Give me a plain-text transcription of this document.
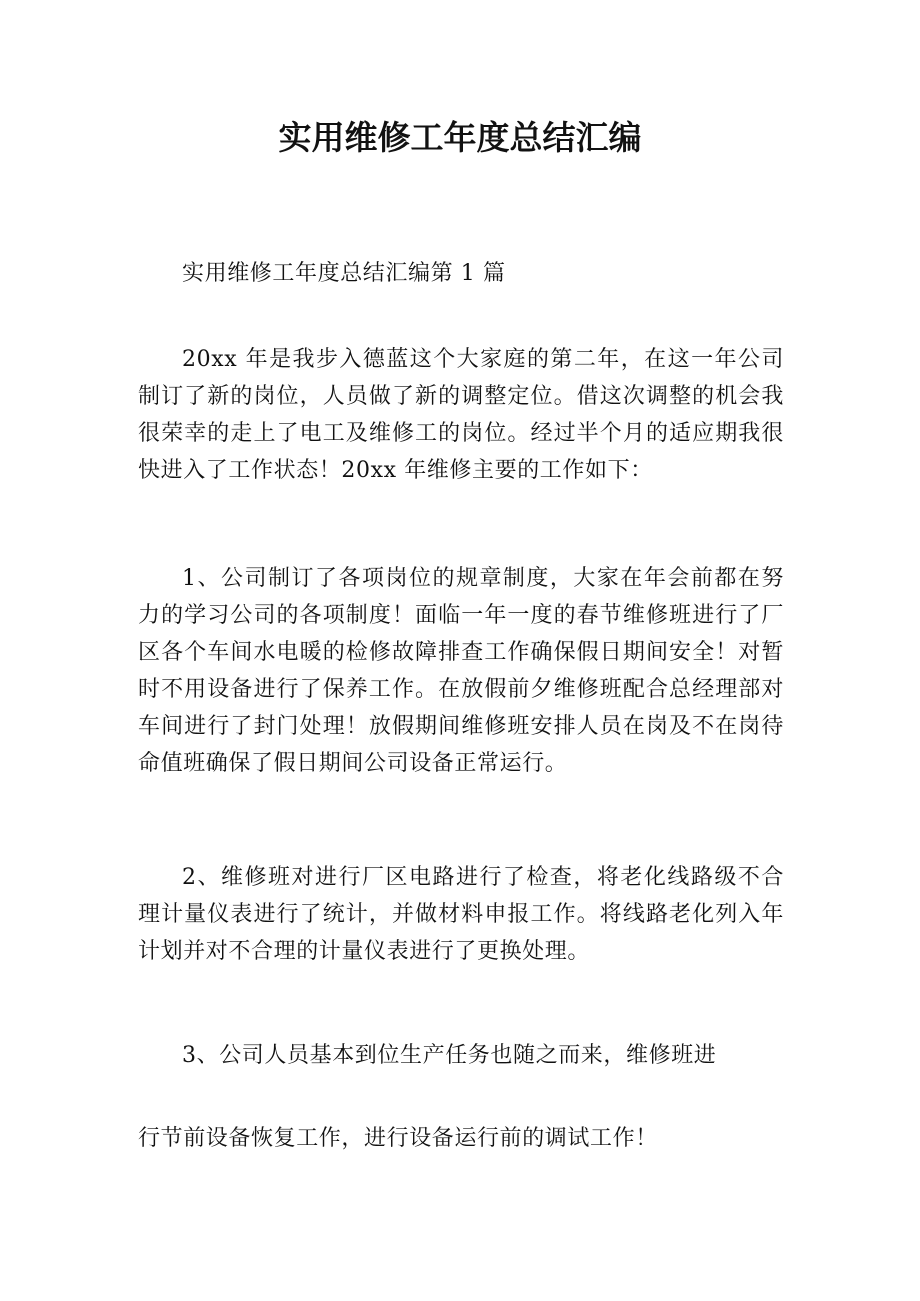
实用维修工年度总结汇编

实用维修工年度总结汇编第 1 篇

20xx 年是我步入德蓝这个大家庭的第二年，在这一年公司制订了新的岗位，人员做了新的调整定位。借这次调整的机会我很荣幸的走上了电工及维修工的岗位。经过半个月的适应期我很快进入了工作状态！20xx 年维修主要的工作如下：

1、公司制订了各项岗位的规章制度，大家在年会前都在努力的学习公司的各项制度！面临一年一度的春节维修班进行了厂区各个车间水电暖的检修故障排查工作确保假日期间安全！对暂时不用设备进行了保养工作。在放假前夕维修班配合总经理部对车间进行了封门处理！放假期间维修班安排人员在岗及不在岗待命值班确保了假日期间公司设备正常运行。

2、维修班对进行厂区电路进行了检查，将老化线路级不合理计量仪表进行了统计，并做材料申报工作。将线路老化列入年计划并对不合理的计量仪表进行了更换处理。

3、公司人员基本到位生产任务也随之而来，维修班进

行节前设备恢复工作，进行设备运行前的调试工作！
